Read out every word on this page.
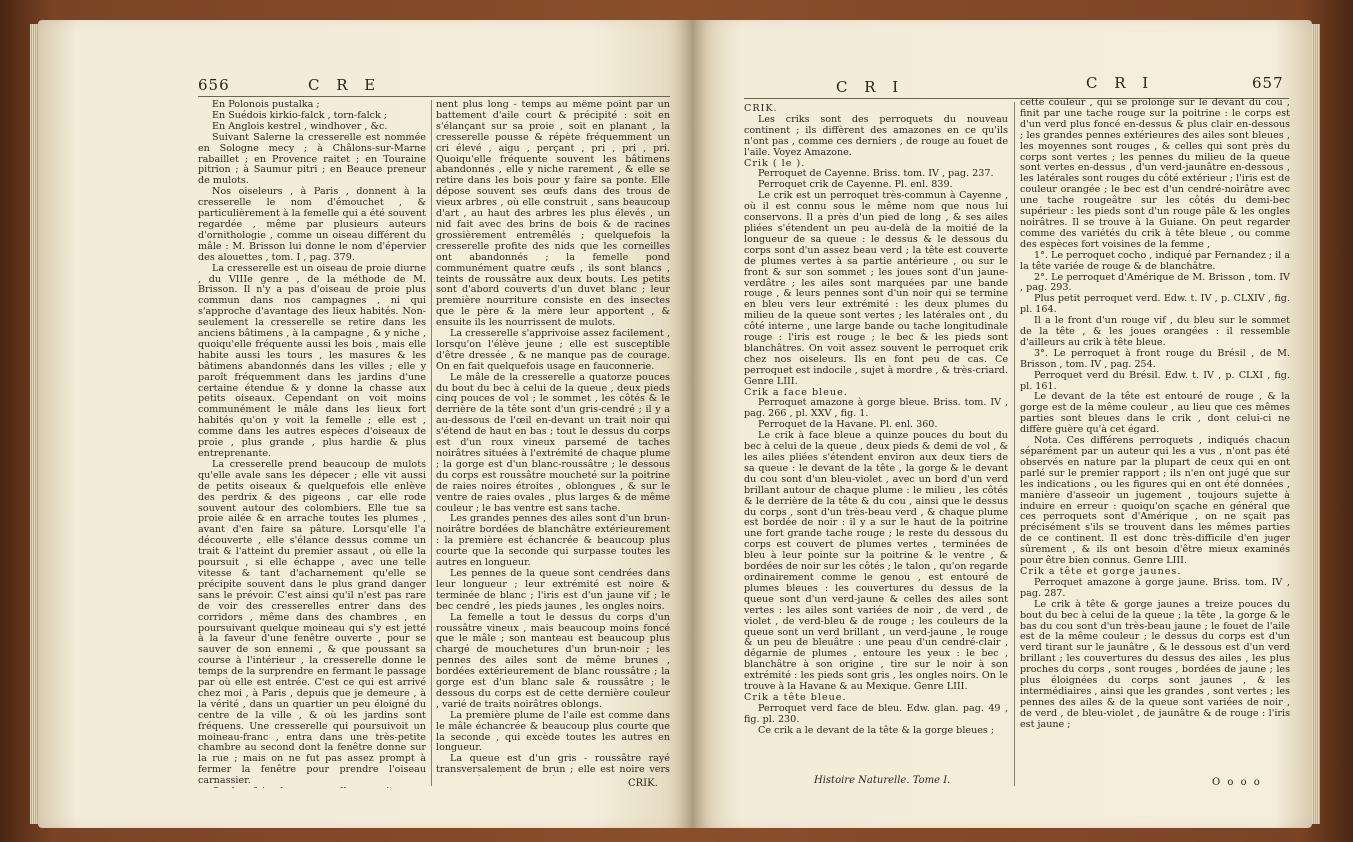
656	C R E

En Polonois pustalka ;

En Suédois kirkio-falck , torn-falck ;

En Anglois kestrel , windhover , &c.

Suivant Salerne la cresserelle est nommée en Sologne mecy ; à Châlons-sur-Marne rabaillet ; en Provence raitet ; en Touraine pitrion ; à Saumur pitri ; en Beauce preneur de mulots.

Nos oiseleurs , à Paris , donnent à la cresserelle le nom d'émouchet , & particulièrement à la femelle qui a été souvent regardée , même par plusieurs auteurs d'ornithologie , comme un oiseau différent du mâle : M. Brisson lui donne le nom d'épervier des alouettes , tom. I , pag. 379.

La cresserelle est un oiseau de proie diurne , du VIIIe genre , de la méthode de M. Brisson. Il n'y a pas d'oiseau de proie plus commun dans nos campagnes , ni qui s'approche d'avantage des lieux habités. Non-seulement la cresserelle se retire dans les anciens bâtimens , à la campagne , & y niche , quoiqu'elle fréquente aussi les bois , mais elle habite aussi les tours , les masures & les bâtimens abandonnés dans les villes ; elle y paroît fréquemment dans les jardins d'une certaine étendue & y donne la chasse aux petits oiseaux. Cependant on voit moins communément le mâle dans les lieux fort habités qu'on y voit la femelle ; elle est , comme dans les autres espèces d'oiseaux de proie , plus grande , plus hardie & plus entreprenante.

La cresserelle prend beaucoup de mulots qu'elle avale sans les dépecer ; elle vit aussi de petits oiseaux & quelquefois elle enlève des perdrix & des pigeons , car elle rode souvent autour des colombiers. Elle tue sa proie ailée & en arrache toutes les plumes , avant d'en faire sa pâture. Lorsqu'elle l'a découverte , elle s'élance dessus comme un trait & l'atteint du premier assaut , où elle la poursuit , si elle échappe , avec une telle vitesse & tant d'acharnement qu'elle se précipite souvent dans le plus grand danger sans le prévoir. C'est ainsi qu'il n'est pas rare de voir des cresserelles entrer dans des corridors , même dans des chambres , en poursuivant quelque moineau qui s'y est jetté à la faveur d'une fenêtre ouverte , pour se sauver de son ennemi , & que poussant sa course à l'intérieur , la cresserelle donne le temps de la surprendre en fermant le passage par où elle est entrée. C'est ce qui est arrivé chez moi , à Paris , depuis que je demeure , à la vérité , dans un quartier un peu éloigné du centre de la ville , & où les jardins sont fréquens. Une cresserelle qui poursuivoit un moineau-franc , entra dans une très-petite chambre au second dont la fenêtre donne sur la rue ; mais on ne fut pas assez prompt à fermer la fenêtre pour prendre l'oiseau carnassier.

nent plus long - temps au même point par un battement d'aile court & précipité : soit en s'élançant sur sa proie , soit en planant , la cresserelle pousse & répète fréquemment un cri élevé , aigu , perçant , pri , pri , pri. Quoiqu'elle fréquente souvent les bâtimens abandonnés , elle y niche rarement , & elle se retire dans les bois pour y faire sa ponte. Elle dépose souvent ses œufs dans des trous de vieux arbres , où elle construit , sans beaucoup d'art , au haut des arbres les plus élevés , un nid fait avec des brins de bois & de racines grossièrement entremêlés ; quelquefois la cresserelle profite des nids que les corneilles ont abandonnés ; la femelle pond communément quatre œufs , ils sont blancs , teints de roussâtre aux deux bouts. Les petits sont d'abord couverts d'un duvet blanc ; leur première nourriture consiste en des insectes que le père & la mère leur apportent , & ensuite ils les nourrissent de mulots.

La cresserelle s'apprivoise assez facilement , lorsqu'on l'élève jeune ; elle est susceptible d'être dressée , & ne manque pas de courage. On en fait quelquefois usage en fauconnerie.

Le mâle de la cresserelle a quatorze pouces du bout du bec à celui de la queue , deux pieds cinq pouces de vol ; le sommet , les côtés & le derrière de la tête sont d'un gris-cendré ; il y a au-dessous de l'œil en-devant un trait noir qui s'étend de haut en bas ; tout le dessus du corps est d'un roux vineux parsemé de taches noirâtres situées à l'extrémité de chaque plume ; la gorge est d'un blanc-roussâtre ; le dessous du corps est roussâtre moucheté sur la poitrine de raies noires étroites , oblongues , & sur le ventre de raies ovales , plus larges & de même couleur ; le bas ventre est sans tache.

Les grandes pennes des ailes sont d'un brun-noirâtre bordées de blanchâtre extérieurement : la première est échancrée & beaucoup plus courte que la seconde qui surpasse toutes les autres en longueur.

Les pennes de la queue sont cendrées dans leur longueur ; leur extrémité est noire & terminée de blanc ; l'iris est d'un jaune vif ; le bec cendré , les pieds jaunes , les ongles noirs.

La femelle a tout le dessus du corps d'un roussâtre vineux , mais beaucoup moins foncé que le mâle ; son manteau est beaucoup plus chargé de mouchetures d'un brun-noir ; les pennes des ailes sont de même brunes , bordées extérieurement de blanc roussâtre ; la gorge est d'un blanc sale & roussâtre ; le dessous du corps est de cette dernière couleur , varié de traits noirâtres oblongs.

La première plume de l'aile est comme dans le mâle échancrée & beaucoup plus courte que la seconde , qui excède toutes les autres en longueur.

La queue est d'un gris - roussâtre rayé transversalement de brun ; elle est noire vers

CRIK.
C R I	C R I	657

CRIK.

Les criks sont des perroquets du nouveau continent ; ils diffèrent des amazones en ce qu'ils n'ont pas , comme ces derniers , de rouge au fouet de l'aile. Voyez Amazone.

Crik ( le ).

Perroquet de Cayenne. Briss. tom. IV , pag. 237.

Perroquet crik de Cayenne. Pl. enl. 839.

Le crik est un perroquet très-commun à Cayenne , où il est connu sous le même nom que nous lui conservons. Il a près d'un pied de long , & ses ailes pliées s'étendent un peu au-delà de la moitié de la longueur de sa queue : le dessus & le dessous du corps sont d'un assez beau verd ; la tête est couverte de plumes vertes à sa partie antérieure , ou sur le front & sur son sommet ; les joues sont d'un jaune-verdâtre ; les ailes sont marquées par une bande rouge , & leurs pennes sont d'un noir qui se termine en bleu vers leur extrémité : les deux plumes du milieu de la queue sont vertes ; les latérales ont , du côté interne , une large bande ou tache longitudinale rouge : l'iris est rouge ; le bec & les pieds sont blanchâtres. On voit assez souvent le perroquet crik chez nos oiseleurs. Ils en font peu de cas. Ce perroquet est indocile , sujet à mordre , & très-criard. Genre LIII.

Crik a face bleue.

Perroquet amazone à gorge bleue. Briss. tom. IV , pag. 266 , pl. XXV , fig. 1.

Perroquet de la Havane. Pl. enl. 360.

Le crik à face bleue a quinze pouces du bout du bec à celui de la queue , deux pieds & demi de vol , & les ailes pliées s'étendent environ aux deux tiers de sa queue : le devant de la tête , la gorge & le devant du cou sont d'un bleu-violet , avec un bord d'un verd brillant autour de chaque plume : le milieu , les côtés & le derrière de la tête & du cou , ainsi que le dessus du corps , sont d'un très-beau verd , & chaque plume est bordée de noir : il y a sur le haut de la poitrine une fort grande tache rouge ; le reste du dessous du corps est couvert de plumes vertes , terminées de bleu à leur pointe sur la poitrine & le ventre , & bordées de noir sur les côtés ; le talon , qu'on regarde ordinairement comme le genou , est entouré de plumes bleues : les couvertures du dessus de la queue sont d'un verd-jaune & celles des ailes sont vertes : les ailes sont variées de noir , de verd , de violet , de verd-bleu & de rouge ; les couleurs de la queue sont un verd brillant , un verd-jaune , le rouge & un peu de bleuâtre : une peau d'un cendré-clair , dégarnie de plumes , entoure les yeux : le bec , blanchâtre à son origine , tire sur le noir à son extrémité : les pieds sont gris , les ongles noirs. On le trouve à la Havane & au Mexique. Genre LIII.

Crik a tête bleue.

Perroquet verd face de bleu. Edw. glan. pag. 49 , fig. pl. 230.

Ce crik a le devant de la tête & la gorge bleues ;

Histoire Naturelle. Tome I.

cette couleur , qui se prolonge sur le devant du cou , finit par une tache rouge sur la poitrine : le corps est d'un verd plus foncé en-dessus & plus clair en-dessous ; les grandes pennes extérieures des ailes sont bleues , les moyennes sont rouges , & celles qui sont près du corps sont vertes ; les pennes du milieu de la queue sont vertes en-dessus , d'un verd-jaunâtre en-dessous , les latérales sont rouges du côté extérieur ; l'iris est de couleur orangée ; le bec est d'un cendré-noirâtre avec une tache rougeâtre sur les côtés du demi-bec supérieur : les pieds sont d'un rouge pâle & les ongles noirâtres. Il se trouve à la Guiane. On peut regarder comme des variétés du crik à tête bleue , ou comme des espèces fort voisines de la femme ,

1°. Le perroquet cocho , indiqué par Fernandez ; il a la tête variée de rouge & de blanchâtre.

2°. Le perroquet d'Amérique de M. Brisson , tom. IV , pag. 293.

Plus petit perroquet verd. Edw. t. IV , p. CLXIV , fig. pl. 164.

Il a le front d'un rouge vif , du bleu sur le sommet de la tête , & les joues orangées : il ressemble d'ailleurs au crik à tête bleue.

3°. Le perroquet à front rouge du Brésil , de M. Brisson , tom. IV , pag. 254.

Perroquet verd du Brésil. Edw. t. IV , p. CLXI , fig. pl. 161.

Le devant de la tête est entouré de rouge , & la gorge est de la même couleur , au lieu que ces mêmes parties sont bleues dans le crik , dont celui-ci ne diffère guère qu'à cet égard.

Nota. Ces différens perroquets , indiqués chacun séparément par un auteur qui les a vus , n'ont pas été observés en nature par la plupart de ceux qui en ont parlé sur le premier rapport ; ils n'en ont jugé que sur les indications , ou les figures qui en ont été données , manière d'asseoir un jugement , toujours sujette à induire en erreur : quoiqu'on sçache en général que ces perroquets sont d'Amérique , on ne sçait pas précisément s'ils se trouvent dans les mêmes parties de ce continent. Il est donc très-difficile d'en juger sûrement , & ils ont besoin d'être mieux examinés pour être bien connus. Genre LIII.

Crik a tête et gorge jaunes.

Perroquet amazone à gorge jaune. Briss. tom. IV , pag. 287.

Le crik à tête & gorge jaunes a treize pouces du bout du bec à celui de la queue ; la tête , la gorge & le bas du cou sont d'un très-beau jaune ; le fouet de l'aile est de la même couleur ; le dessus du corps est d'un verd tirant sur le jaunâtre , & le dessous est d'un verd brillant ; les couvertures du dessus des ailes , les plus proches du corps , sont rouges , bordées de jaune ; les plus éloignées du corps sont jaunes , & les intermédiaires , ainsi que les grandes , sont vertes ; les pennes des ailes & de la queue sont variées de noir , de verd , de bleu-violet , de jaunâtre & de rouge : l'iris est jaune ;

O o o o
